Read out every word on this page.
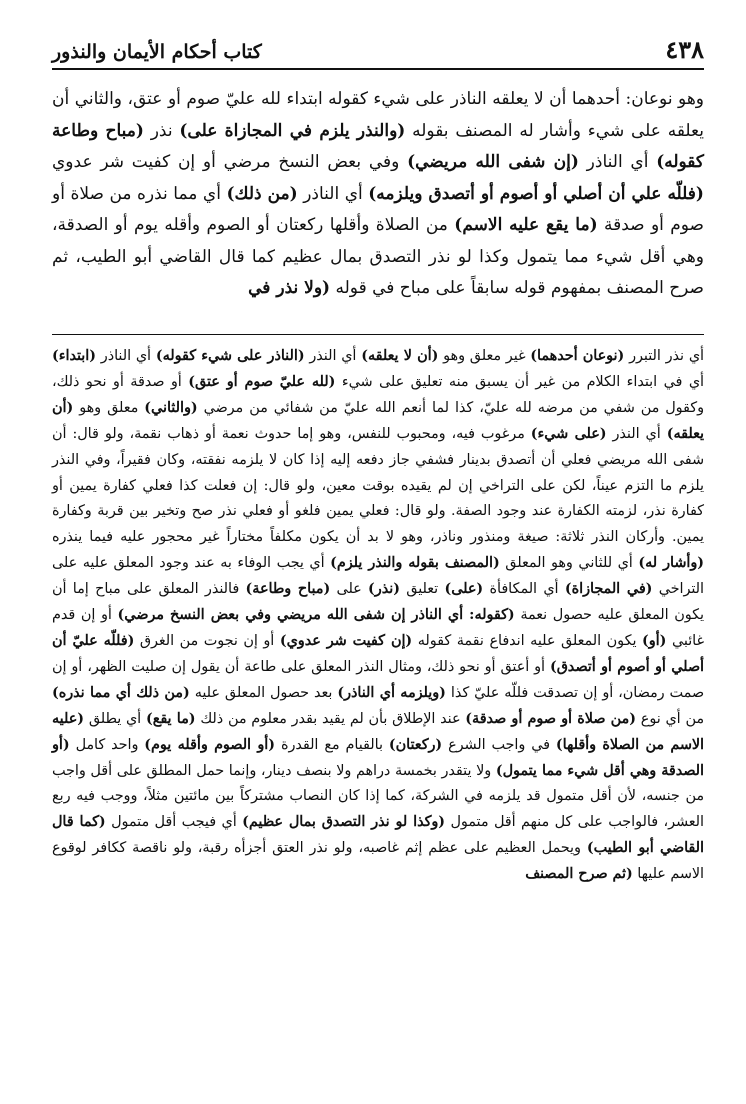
٤٣٨
كتاب أحكام الأيمان والنذور

وهو نوعان: أحدهما أن لا يعلقه الناذر على شيء كقوله ابتداء لله عليّ صوم أو عتق، والثاني أن يعلقه على شيء وأشار له المصنف بقوله (والنذر يلزم في المجازاة على) نذر (مباح وطاعة كقوله) أي الناذر (إن شفى الله مريضي) وفي بعض النسخ مرضي أو إن كفيت شر عدوي (فللّه علي أن أصلي أو أصوم أو أتصدق ويلزمه) أي الناذر (من ذلك) أي مما نذره من صلاة أو صوم أو صدقة (ما يقع عليه الاسم) من الصلاة وأقلها ركعتان أو الصوم وأقله يوم أو الصدقة، وهي أقل شيء مما يتمول وكذا لو نذر التصدق بمال عظيم كما قال القاضي أبو الطيب، ثم صرح المصنف بمفهوم قوله سابقاً على مباح في قوله (ولا نذر في

أي نذر التبرر (نوعان أحدهما) غير معلق وهو (أن لا يعلقه) أي النذر (الناذر على شيء كقوله) أي الناذر (ابتداء) أي في ابتداء الكلام من غير أن يسبق منه تعليق على شيء (لله عليّ صوم أو عتق) أو صدقة أو نحو ذلك، وكقول من شفي من مرضه لله عليّ، كذا لما أنعم الله عليّ من شفائي من مرضي (والثاني) معلق وهو (أن يعلقه) أي النذر (على شيء) مرغوب فيه، ومحبوب للنفس، وهو إما حدوث نعمة أو ذهاب نقمة، ولو قال: أن شفى الله مريضي فعلي أن أتصدق بدينار فشفي جاز دفعه إليه إذا كان لا يلزمه نفقته، وكان فقيراً، وفي النذر يلزم ما التزم عيناً، لكن على التراخي إن لم يقيده بوقت معين، ولو قال: إن فعلت كذا فعلي كفارة يمين أو كفارة نذر، لزمته الكفارة عند وجود الصفة. ولو قال: فعلي يمين فلغو أو فعلي نذر صح وتخير بين قربة وكفارة يمين. وأركان النذر ثلاثة: صيغة ومنذور وناذر، وهو لا بد أن يكون مكلفاً مختاراً غير محجور عليه فيما ينذره (وأشار له) أي للثاني وهو المعلق (المصنف بقوله والنذر يلزم) أي يجب الوفاء به عند وجود المعلق عليه على التراخي (في المجازاة) أي المكافأة (على) تعليق (نذر) على (مباح وطاعة) فالنذر المعلق على مباح إما أن يكون المعلق عليه حصول نعمة (كقوله: أي الناذر إن شفى الله مريضي وفي بعض النسخ مرضي) أو إن قدم غائبي (أو) يكون المعلق عليه اندفاع نقمة كقوله (إن كفيت شر عدوي) أو إن نجوت من الغرق (فللّه عليّ أن أصلي أو أصوم أو أتصدق) أو أعتق أو نحو ذلك، ومثال النذر المعلق على طاعة أن يقول إن صليت الظهر، أو إن صمت رمضان، أو إن تصدقت فللّه عليّ كذا (ويلزمه أي الناذر) بعد حصول المعلق عليه (من ذلك أي مما نذره) من أي نوع (من صلاة أو صوم أو صدقة) عند الإطلاق بأن لم يقيد بقدر معلوم من ذلك (ما يقع) أي يطلق (عليه الاسم من الصلاة وأقلها) في واجب الشرع (ركعتان) بالقيام مع القدرة (أو الصوم وأقله يوم) واحد كامل (أو الصدقة وهي أقل شيء مما يتمول) ولا يتقدر بخمسة دراهم ولا بنصف دينار، وإنما حمل المطلق على أقل واجب من جنسه، لأن أقل متمول قد يلزمه في الشركة، كما إذا كان النصاب مشتركاً بين مائتين مثلاً، ووجب فيه ربع العشر، فالواجب على كل منهم أقل متمول (وكذا لو نذر التصدق بمال عظيم) أي فيجب أقل متمول (كما قال القاضي أبو الطيب) ويحمل العظيم على عظم إثم غاصبه، ولو نذر العتق أجزأه رقبة، ولو ناقصة ككافر لوقوع الاسم عليها (ثم صرح المصنف
